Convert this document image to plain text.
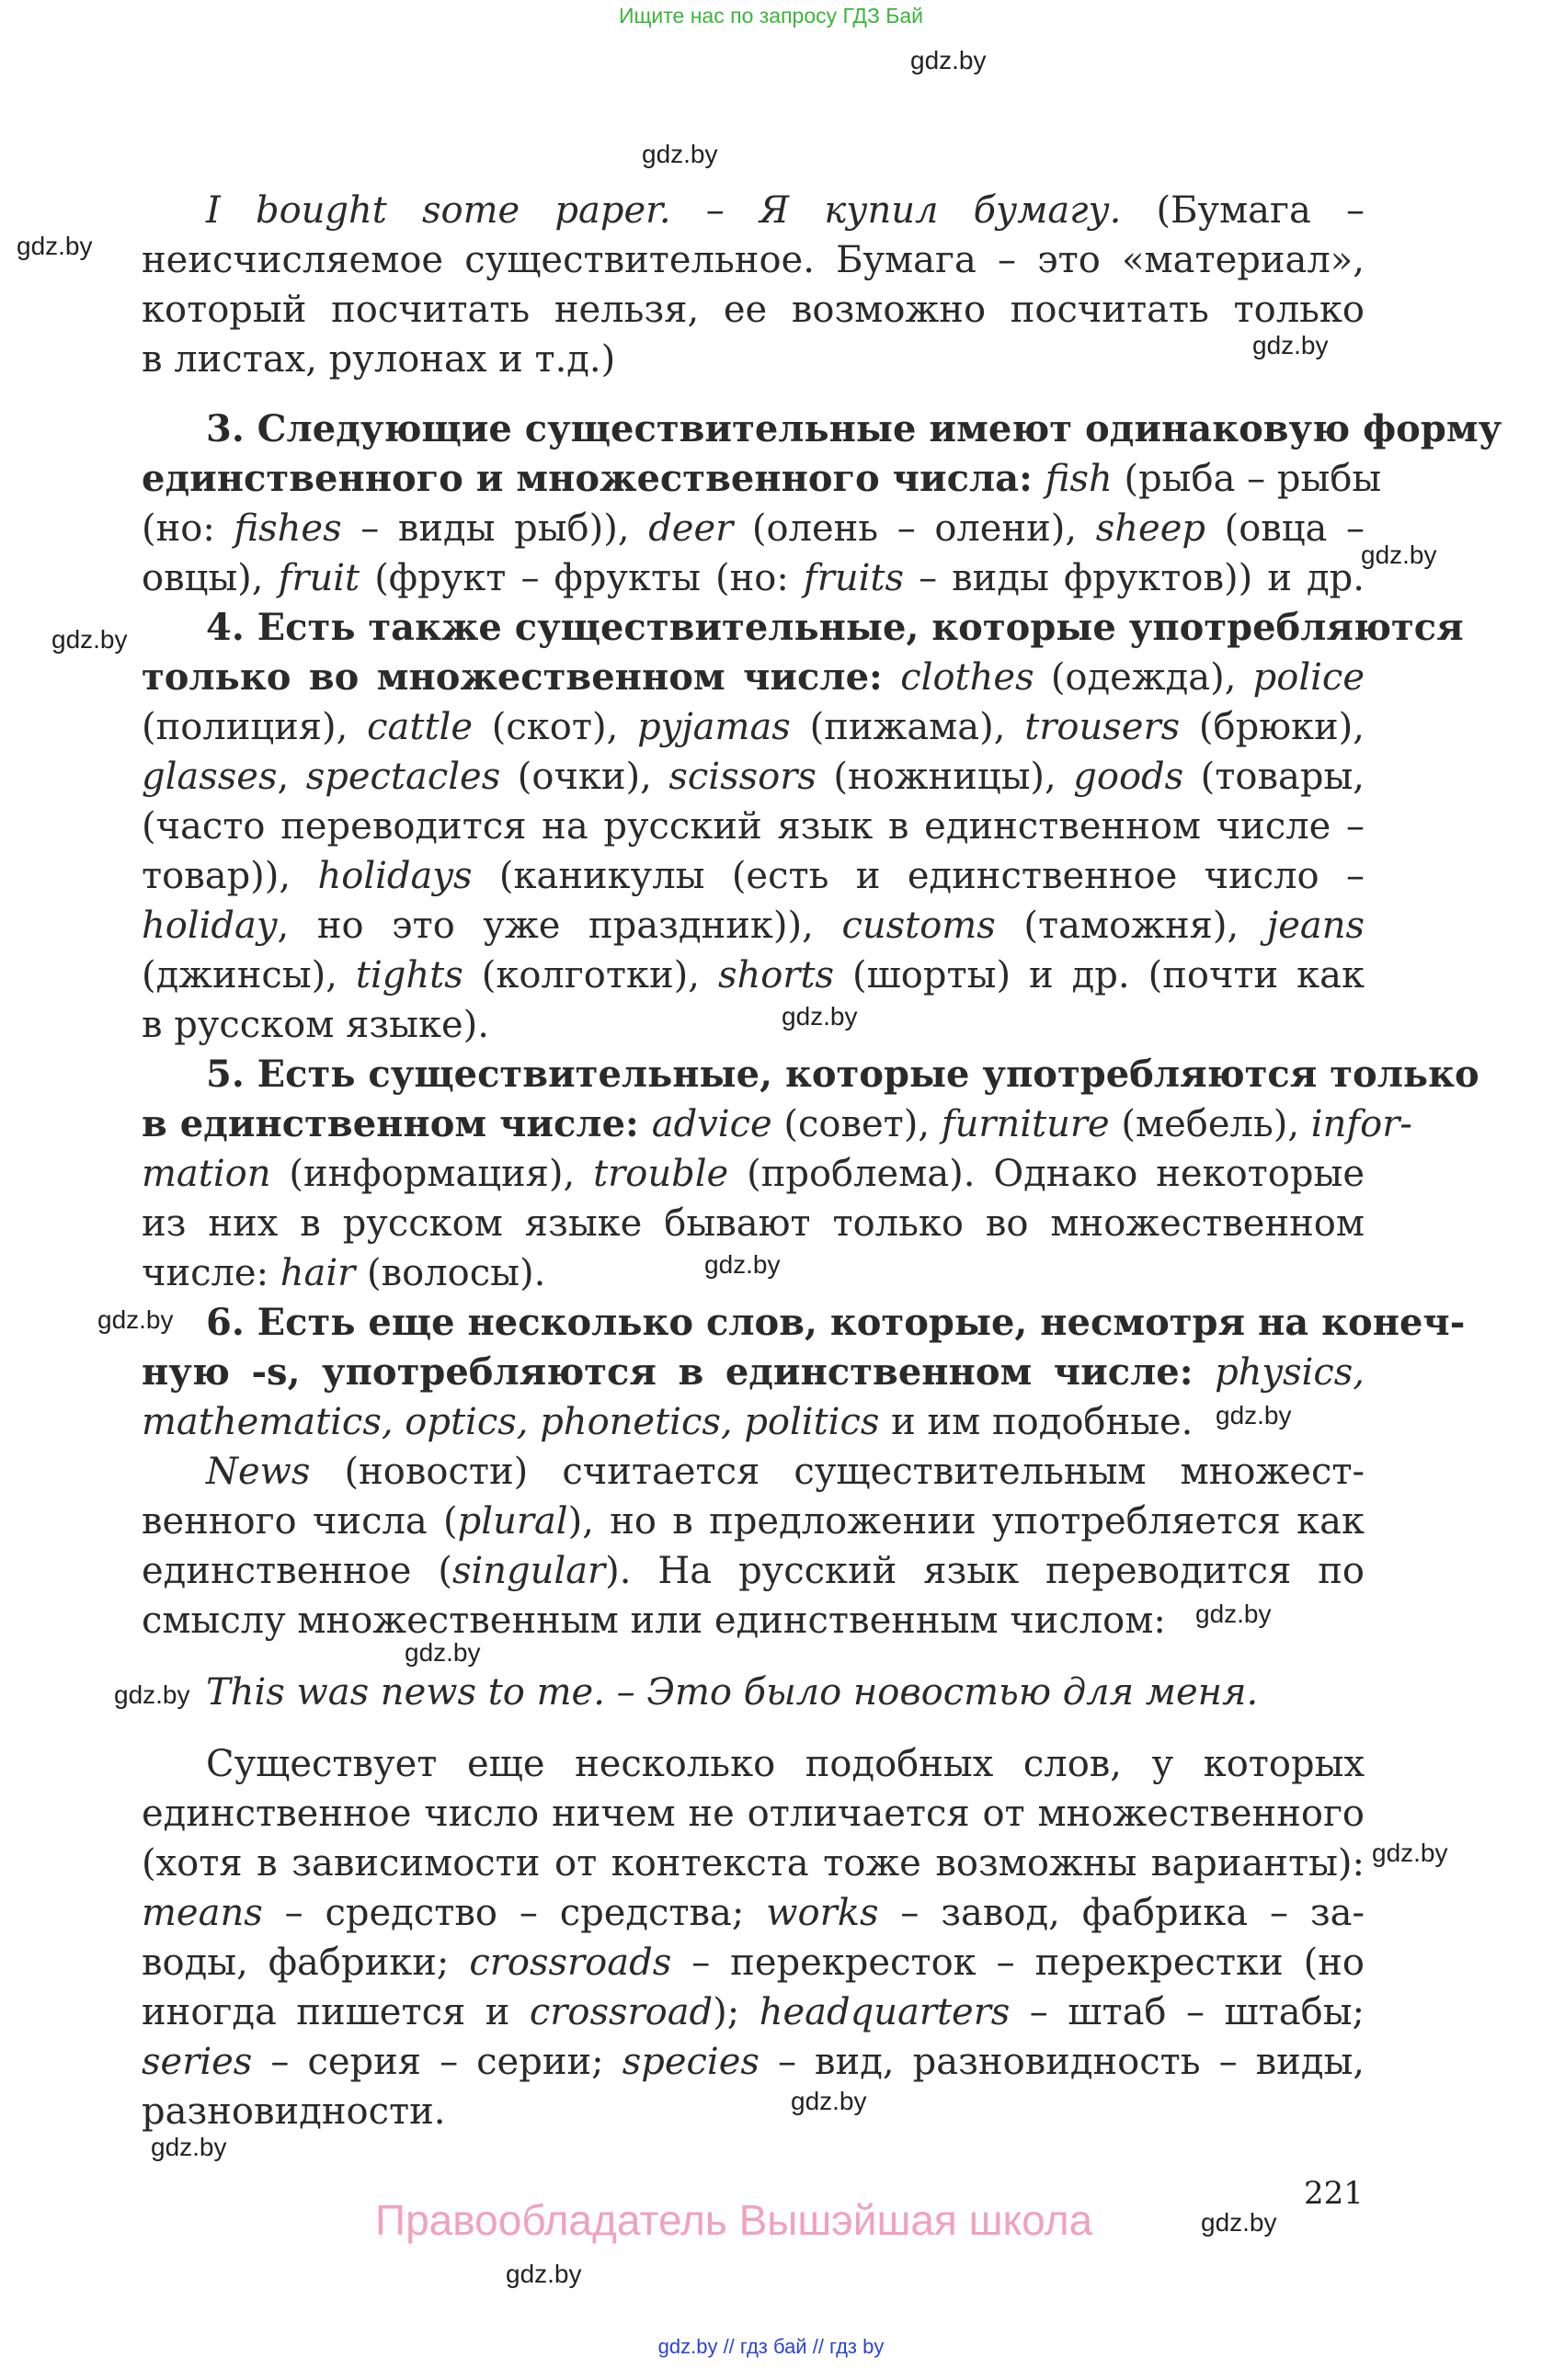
Ищите нас по запросу ГДЗ Бай
gdz.by
gdz.by
gdz.by
gdz.by
gdz.by
gdz.by
gdz.by
gdz.by
gdz.by
gdz.by
gdz.by
gdz.by
gdz.by
gdz.by
gdz.by
gdz.by
gdz.by
gdz.by
I bought some paper. – Я купил бумагу. (Бумага –
неисчисляемое существительное. Бумага – это «материал»,
который посчитать нельзя, ее возможно посчитать только
в листах, рулонах и т.д.)
3. Следующие существительные имеют одинаковую форму
единственного и множественного числа: fish (рыба – рыбы
(но: fishes – виды рыб)), deer (олень – олени), sheep (овца –
овцы), fruit (фрукт – фрукты (но: fruits – виды фруктов)) и др.
4. Есть также существительные, которые употребляются
только во множественном числе: clothes (одежда), police
(полиция), cattle (скот), pyjamas (пижама), trousers (брюки),
glasses, spectacles (очки), scissors (ножницы), goods (товары,
(часто переводится на русский язык в единственном числе –
товар)), holidays (каникулы (есть и единственное число –
holiday, но это уже праздник)), customs (таможня), jeans
(джинсы), tights (колготки), shorts (шорты) и др. (почти как
в русском языке).
5. Есть существительные, которые употребляются только
в единственном числе: advice (совет), furniture (мебель), infor-
mation (информация), trouble (проблема). Однако некоторые
из них в русском языке бывают только во множественном
числе: hair (волосы).
6. Есть еще несколько слов, которые, несмотря на конеч-
ную -s, употребляются в единственном числе: physics,
mathematics, optics, phonetics, politics и им подобные.
News (новости) считается существительным множест-
венного числа (plural), но в предложении употребляется как
единственное (singular). На русский язык переводится по
смыслу множественным или единственным числом:
This was news to me. – Это было новостью для меня.
Существует еще несколько подобных слов, у которых
единственное число ничем не отличается от множественного
(хотя в зависимости от контекста тоже возможны варианты):
means – средство – средства; works – завод, фабрика – за-
воды, фабрики; crossroads – перекресток – перекрестки (но
иногда пишется и crossroad); headquarters – штаб – штабы;
series – серия – серии; species – вид, разновидность – виды,
разновидности.
221
Правообладатель Вышэйшая школа
gdz.by // гдз бай // гдз by
